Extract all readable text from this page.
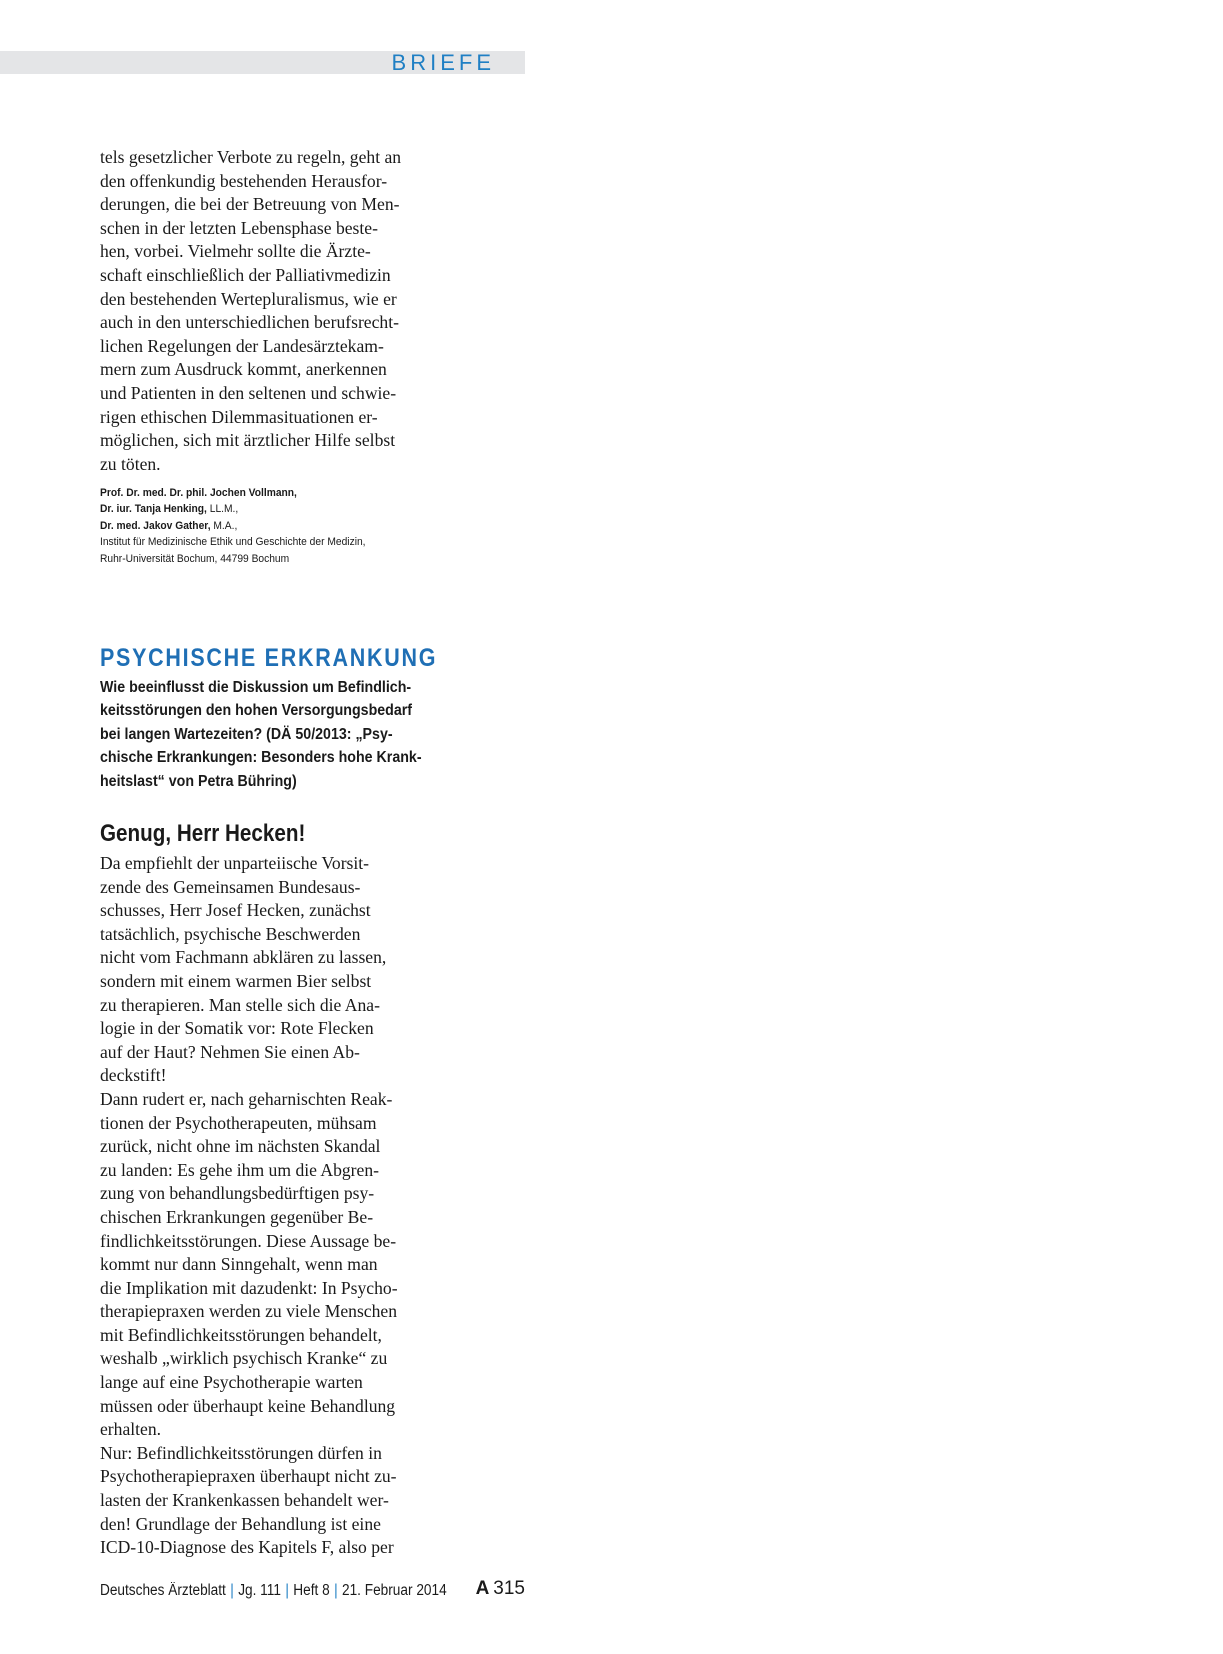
BRIEFE

tels gesetzlicher Verbote zu regeln, geht an
den offenkundig bestehenden Herausfor-
derungen, die bei der Betreuung von Men-
schen in der letzten Lebensphase beste-
hen, vorbei. Vielmehr sollte die Ärzte-
schaft einschließlich der Palliativmedizin
den bestehenden Wertepluralismus, wie er
auch in den unterschiedlichen berufsrecht-
lichen Regelungen der Landesärztekam-
mern zum Ausdruck kommt, anerkennen
und Patienten in den seltenen und schwie-
rigen ethischen Dilemmasituationen er-
möglichen, sich mit ärztlicher Hilfe selbst
zu töten.

Prof. Dr. med. Dr. phil. Jochen Vollmann,
Dr. iur. Tanja Henking, LL.M.,
Dr. med. Jakov Gather, M.A.,
Institut für Medizinische Ethik und Geschichte der Medizin,
Ruhr-Universität Bochum, 44799 Bochum
PSYCHISCHE ERKRANKUNG

Wie beeinflusst die Diskussion um Befindlich-
keitsstörungen den hohen Versorgungsbedarf
bei langen Wartezeiten? (DÄ 50/2013: „Psy-
chische Erkrankungen: Besonders hohe Krank-
heitslast“ von Petra Bühring)

Genug, Herr Hecken!

Da empfiehlt der unparteiische Vorsit-
zende des Gemeinsamen Bundesaus-
schusses, Herr Josef Hecken, zunächst
tatsächlich, psychische Beschwerden
nicht vom Fachmann abklären zu lassen,
sondern mit einem warmen Bier selbst
zu therapieren. Man stelle sich die Ana-
logie in der Somatik vor: Rote Flecken
auf der Haut? Nehmen Sie einen Ab-
deckstift!
Dann rudert er, nach geharnischten Reak-
tionen der Psychotherapeuten, mühsam
zurück, nicht ohne im nächsten Skandal
zu landen: Es gehe ihm um die Abgren-
zung von behandlungsbedürftigen psy-
chischen Erkrankungen gegenüber Be-
findlichkeitsstörungen. Diese Aussage be-
kommt nur dann Sinngehalt, wenn man
die Implikation mit dazudenkt: In Psycho-
therapiepraxen werden zu viele Menschen
mit Befindlichkeitsstörungen behandelt,
weshalb „wirklich psychisch Kranke“ zu
lange auf eine Psychotherapie warten
müssen oder überhaupt keine Behandlung
erhalten.
Nur: Befindlichkeitsstörungen dürfen in
Psychotherapiepraxen überhaupt nicht zu-
lasten der Krankenkassen behandelt wer-
den! Grundlage der Behandlung ist eine
ICD-10-Diagnose des Kapitels F, also per

Deutsches Ärzteblatt | Jg. 111 | Heft 8 | 21. Februar 2014 A 315
